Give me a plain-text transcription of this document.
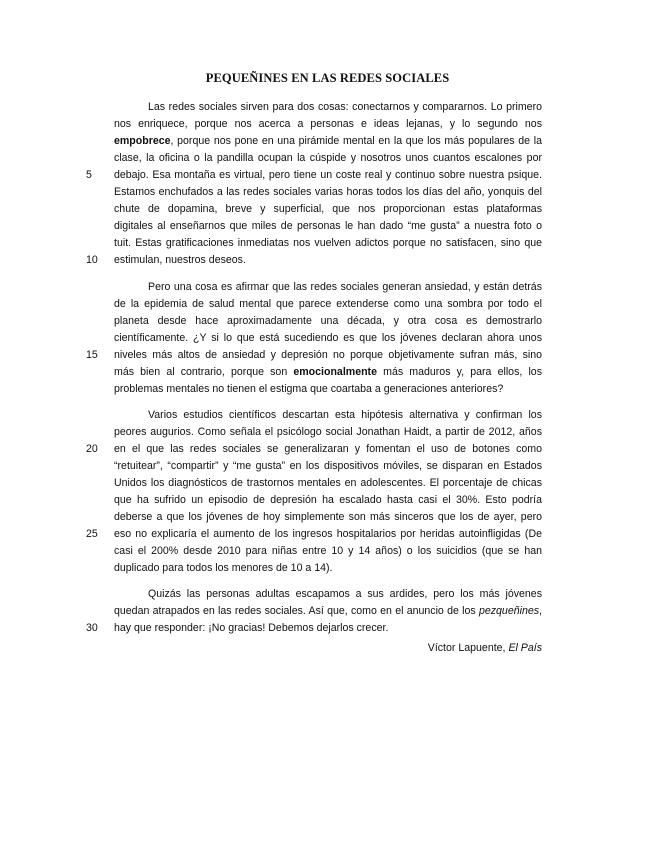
PEQUEÑINES EN LAS REDES SOCIALES
Las redes sociales sirven para dos cosas: conectarnos y compararnos. Lo primero
nos enriquece, porque nos acerca a personas e ideas lejanas, y lo segundo nos
empobrece, porque nos pone en una pirámide mental en la que los más populares de la
clase, la oficina o la pandilla ocupan la cúspide y nosotros unos cuantos escalones por
debajo. Esa montaña es virtual, pero tiene un coste real y continuo sobre nuestra psique.
Estamos enchufados a las redes sociales varias horas todos los días del año, yonquis del
chute de dopamina, breve y superficial, que nos proporcionan estas plataformas
digitales al enseñarnos que miles de personas le han dado “me gusta” a nuestra foto o
tuit. Estas gratificaciones inmediatas nos vuelven adictos porque no satisfacen, sino que
estimulan, nuestros deseos.
Pero una cosa es afirmar que las redes sociales generan ansiedad, y están detrás
de la epidemia de salud mental que parece extenderse como una sombra por todo el
planeta desde hace aproximadamente una década, y otra cosa es demostrarlo
científicamente. ¿Y si lo que está sucediendo es que los jóvenes declaran ahora unos
niveles más altos de ansiedad y depresión no porque objetivamente sufran más, sino
más bien al contrario, porque son emocionalmente más maduros y, para ellos, los
problemas mentales no tienen el estigma que coartaba a generaciones anteriores?
Varios estudios científicos descartan esta hipótesis alternativa y confirman los
peores augurios. Como señala el psicólogo social Jonathan Haidt, a partir de 2012, años
en el que las redes sociales se generalizaran y fomentan el uso de botones como
“retuitear”, “compartir” y “me gusta” en los dispositivos móviles, se disparan en Estados
Unidos los diagnósticos de trastornos mentales en adolescentes. El porcentaje de chicas
que ha sufrido un episodio de depresión ha escalado hasta casi el 30%. Esto podría
deberse a que los jóvenes de hoy simplemente son más sinceros que los de ayer, pero
eso no explicaría el aumento de los ingresos hospitalarios por heridas autoinfligidas (De
casi el 200% desde 2010 para niñas entre 10 y 14 años) o los suicidios (que se han
duplicado para todos los menores de 10 a 14).
Quizás las personas adultas escapamos a sus ardides, pero los más jóvenes
quedan atrapados en las redes sociales. Así que, como en el anuncio de los pezqueñines,
hay que responder: ¡No gracias! Debemos dejarlos crecer.
5
10
15
20
25
30
Víctor Lapuente, El País
